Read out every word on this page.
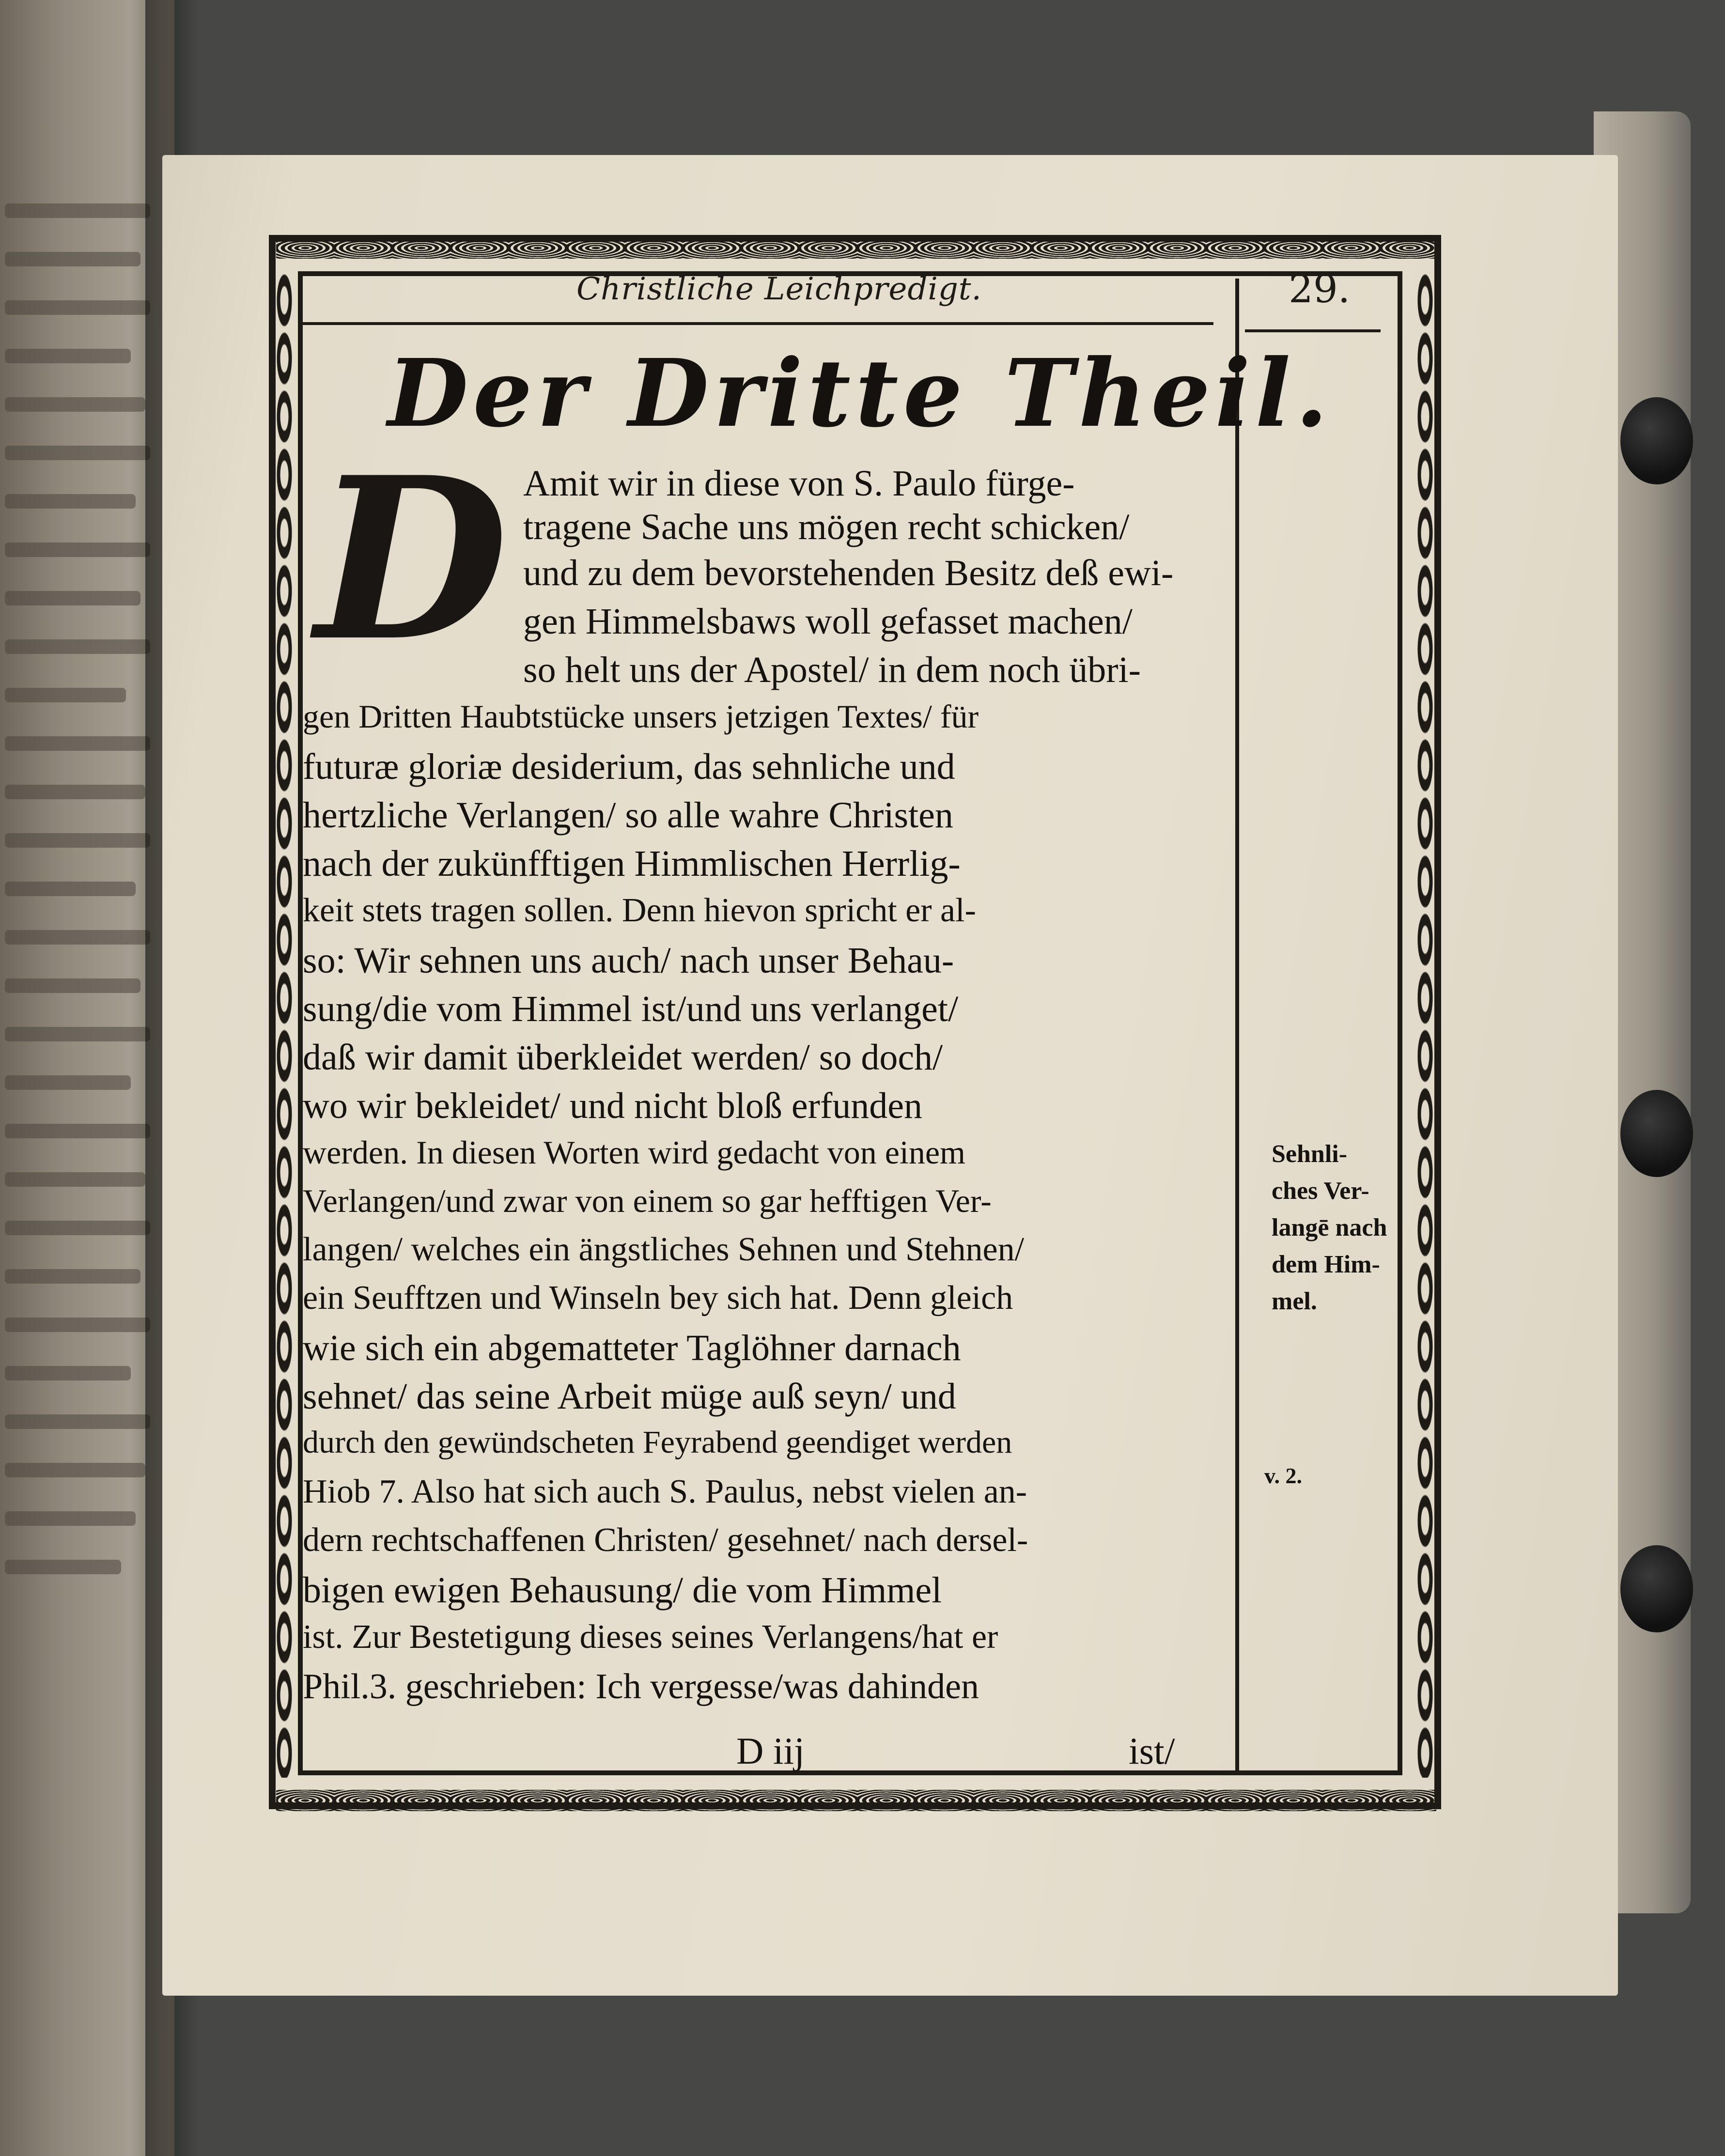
Christliche Leichpredigt.	29.
Der Dritte Theil.
D Amit wir in diese von S. Paulo fürge-
tragene Sache uns mögen recht schicken/
und zu dem bevorstehenden Besitz deß ewi-
gen Himmelsbaws woll gefasset machen/
so helt uns der Apostel/ in dem noch übri-
gen Dritten Haubtstücke unsers jetzigen Textes/ für
futuræ gloriæ desiderium, das sehnliche und
hertzliche Verlangen/ so alle wahre Christen
nach der zukünfftigen Himmlischen Herrlig-
keit stets tragen sollen. Denn hievon spricht er al-
so: Wir sehnen uns auch/ nach unser Behau-
sung/die vom Himmel ist/und uns verlanget/
daß wir damit überkleidet werden/ so doch/
wo wir bekleidet/ und nicht bloß erfunden
werden. In diesen Worten wird gedacht von einem
Verlangen/und zwar von einem so gar hefftigen Ver-
langen/ welches ein ängstliches Sehnen und Stehnen/
ein Seufftzen und Winseln bey sich hat. Denn gleich
wie sich ein abgematteter Taglöhner darnach
sehnet/ das seine Arbeit müge auß seyn/ und
durch den gewündscheten Feyrabend geendiget werden
Hiob 7. Also hat sich auch S. Paulus, nebst vielen an-
dern rechtschaffenen Christen/ gesehnet/ nach dersel-
bigen ewigen Behausung/ die vom Himmel
ist. Zur Bestetigung dieses seines Verlangens/hat er
Phil.3. geschrieben: Ich vergesse/was dahinden
Sehnli-
ches Ver-
langē nach
dem Him-
mel.
v. 2.
D iij	ist/
